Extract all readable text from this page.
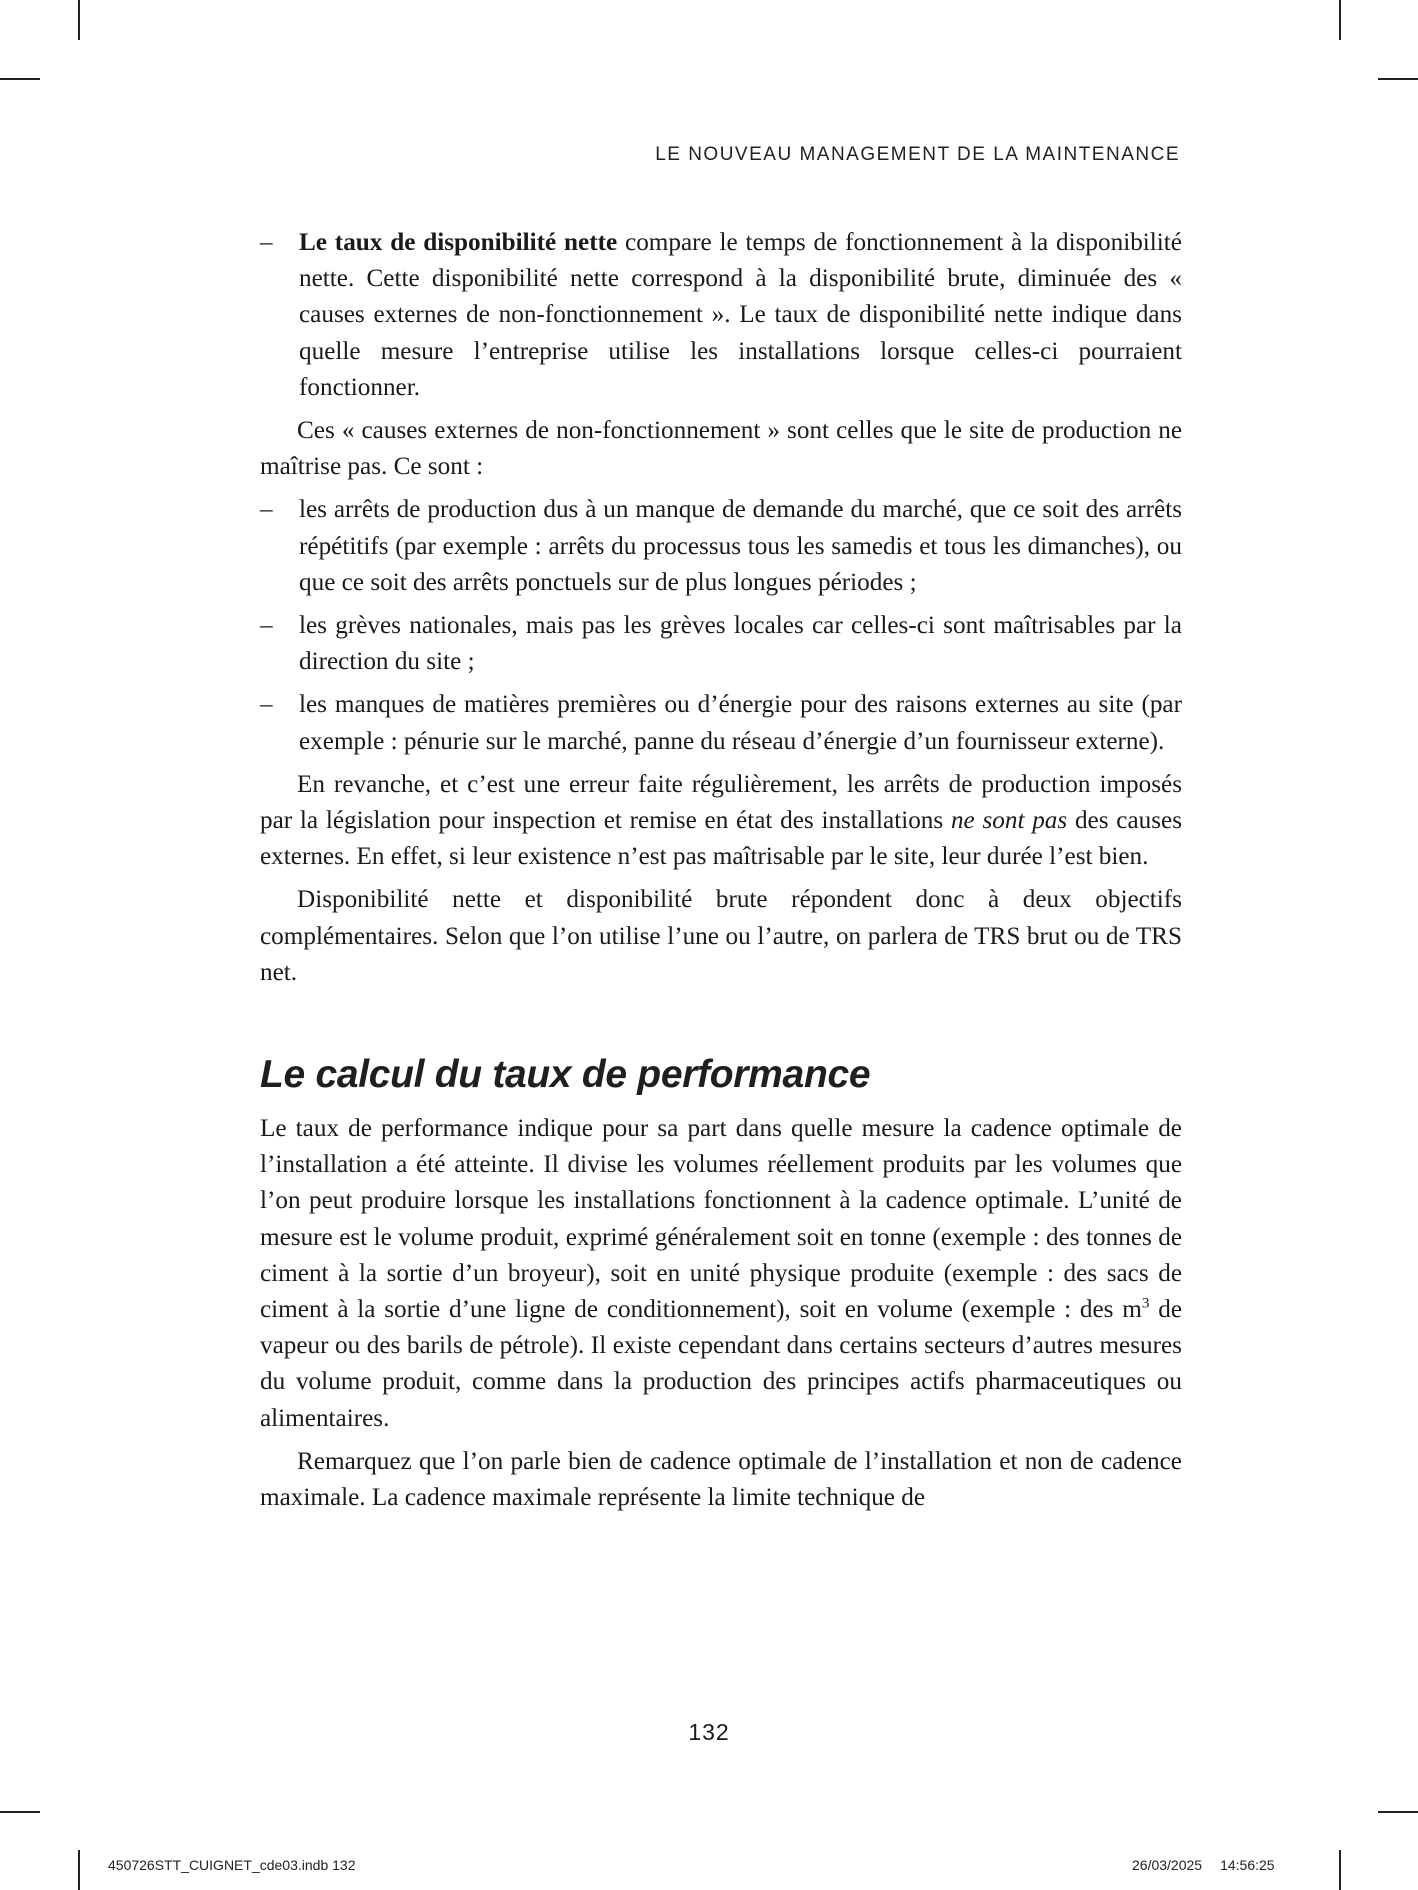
LE NOUVEAU MANAGEMENT DE LA MAINTENANCE
– Le taux de disponibilité nette compare le temps de fonctionnement à la disponibilité nette. Cette disponibilité nette correspond à la disponibilité brute, diminuée des « causes externes de non-fonctionnement ». Le taux de disponibilité nette indique dans quelle mesure l’entreprise utilise les installations lorsque celles-ci pourraient fonctionner.

Ces « causes externes de non-fonctionnement » sont celles que le site de production ne maîtrise pas. Ce sont :

– les arrêts de production dus à un manque de demande du marché, que ce soit des arrêts répétitifs (par exemple : arrêts du processus tous les samedis et tous les dimanches), ou que ce soit des arrêts ponctuels sur de plus longues périodes ;
– les grèves nationales, mais pas les grèves locales car celles-ci sont maîtrisables par la direction du site ;
– les manques de matières premières ou d’énergie pour des raisons externes au site (par exemple : pénurie sur le marché, panne du réseau d’énergie d’un fournisseur externe).

En revanche, et c’est une erreur faite régulièrement, les arrêts de production imposés par la législation pour inspection et remise en état des installations ne sont pas des causes externes. En effet, si leur existence n’est pas maîtrisable par le site, leur durée l’est bien.

Disponibilité nette et disponibilité brute répondent donc à deux objectifs complémentaires. Selon que l’on utilise l’une ou l’autre, on parlera de TRS brut ou de TRS net.

Le calcul du taux de performance

Le taux de performance indique pour sa part dans quelle mesure la cadence optimale de l’installation a été atteinte. Il divise les volumes réellement produits par les volumes que l’on peut produire lorsque les installations fonctionnent à la cadence optimale. L’unité de mesure est le volume produit, exprimé généralement soit en tonne (exemple : des tonnes de ciment à la sortie d’un broyeur), soit en unité physique produite (exemple : des sacs de ciment à la sortie d’une ligne de conditionnement), soit en volume (exemple : des $m^3$ de vapeur ou des barils de pétrole). Il existe cependant dans certains secteurs d’autres mesures du volume produit, comme dans la production des principes actifs pharmaceutiques ou alimentaires.

Remarquez que l’on parle bien de cadence optimale de l’installation et non de cadence maximale. La cadence maximale représente la limite technique de

132
450726STT_CUIGNET_cde03.indb 132	26/03/2025 14:56:25
